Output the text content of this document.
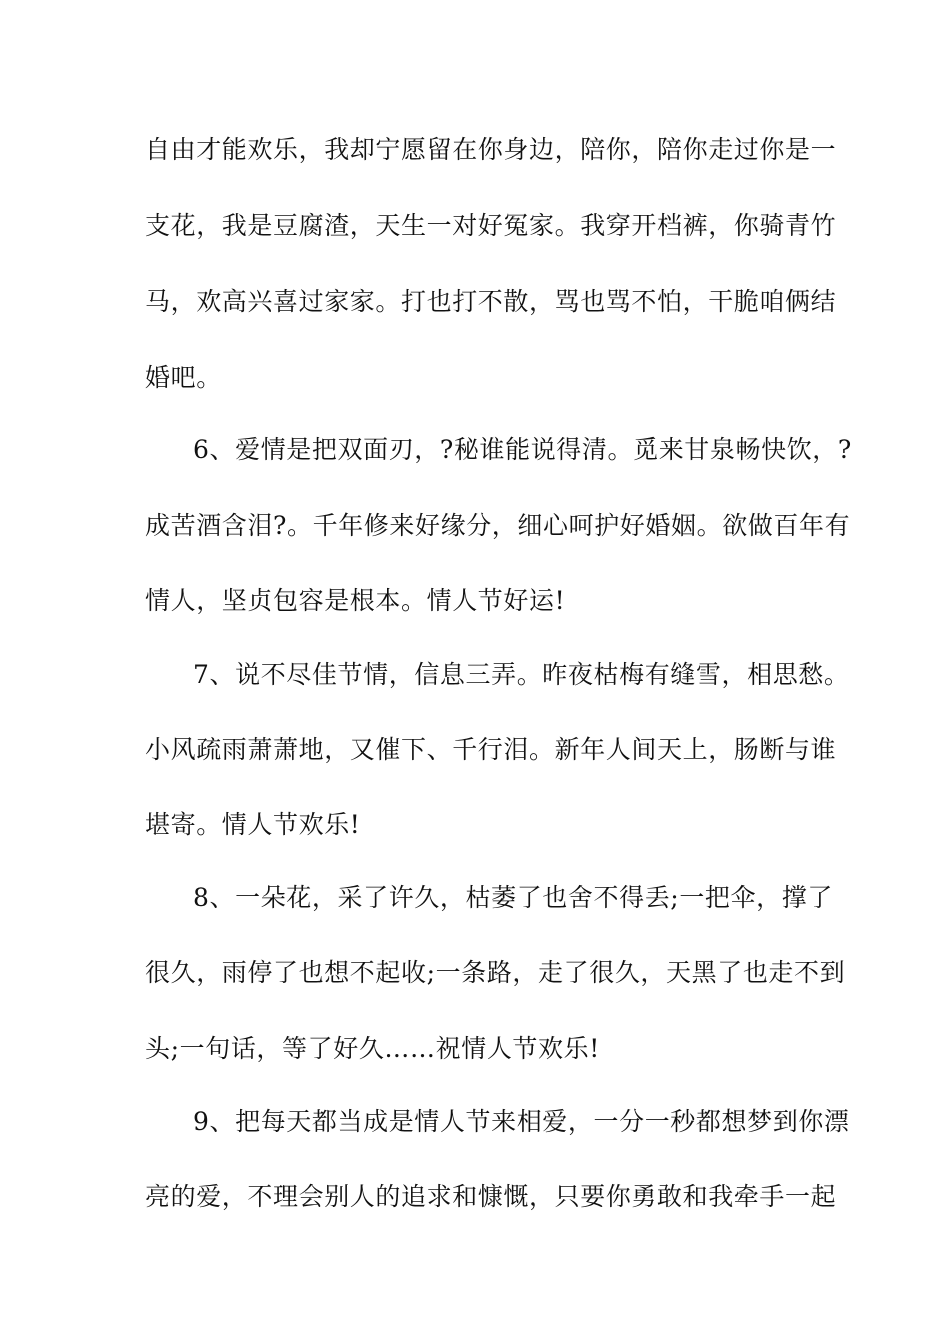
自由才能欢乐，我却宁愿留在你身边，陪你，陪你走过你是一
支花，我是豆腐渣，天生一对好冤家。我穿开档裤，你骑青竹
马，欢高兴喜过家家。打也打不散，骂也骂不怕，干脆咱俩结
婚吧。
6、爱情是把双面刃，?秘谁能说得清。觅来甘泉畅快饮，?
成苦酒含泪?。千年修来好缘分，细心呵护好婚姻。欲做百年有
情人，坚贞包容是根本。情人节好运!
7、说不尽佳节情，信息三弄。昨夜枯梅有缝雪，相思愁。
小风疏雨萧萧地，又催下、千行泪。新年人间天上，肠断与谁
堪寄。情人节欢乐!
8、一朵花，采了许久，枯萎了也舍不得丢;一把伞，撑了
很久，雨停了也想不起收;一条路，走了很久，天黑了也走不到
头;一句话，等了好久……祝情人节欢乐!
9、把每天都当成是情人节来相爱，一分一秒都想梦到你漂
亮的爱，不理会别人的追求和慷慨，只要你勇敢和我牵手一起
